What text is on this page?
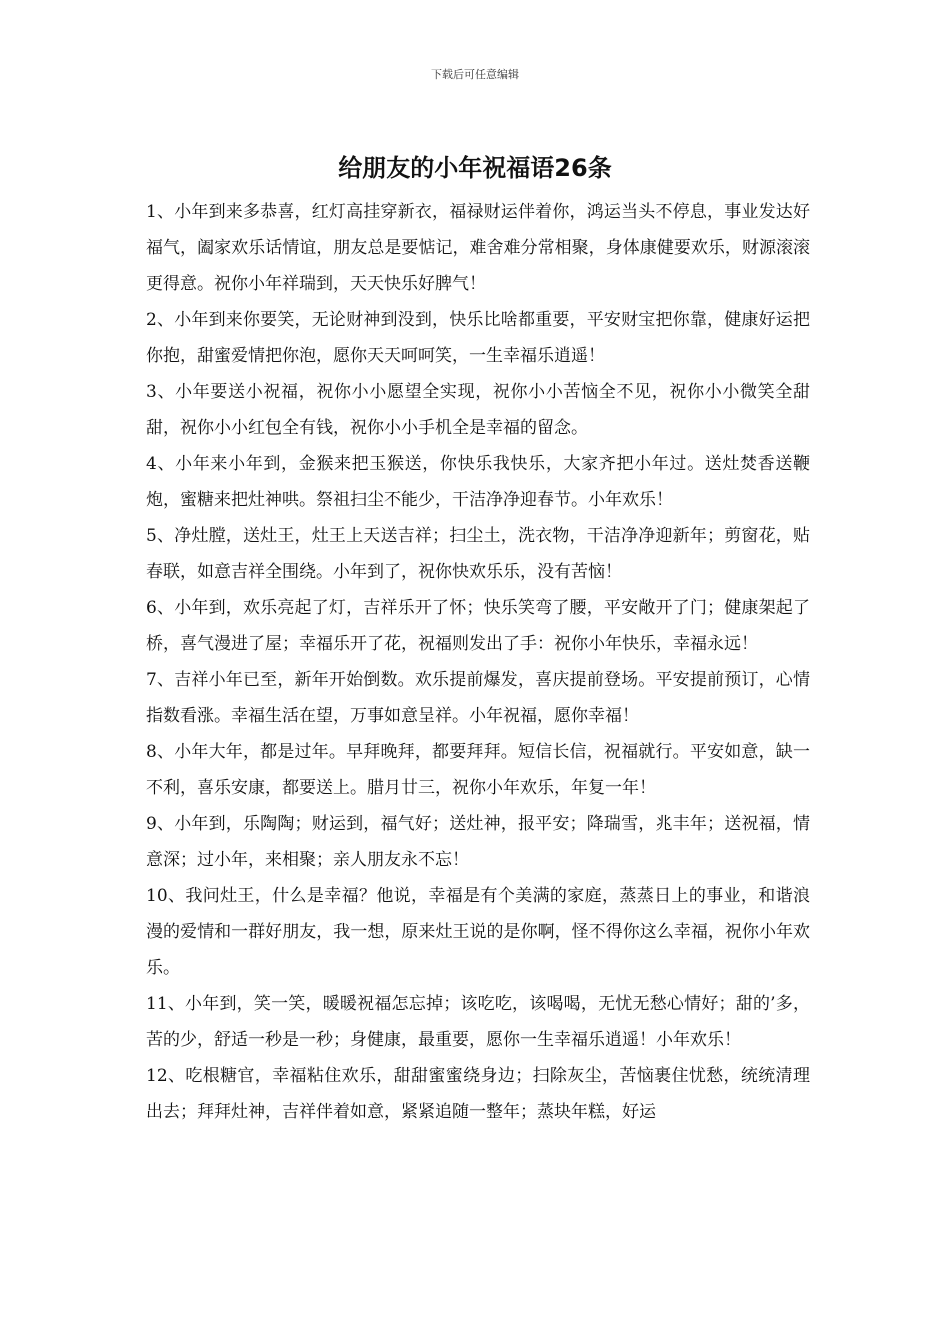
下载后可任意编辑
给朋友的小年祝福语26条

1、小年到来多恭喜，红灯高挂穿新衣，福禄财运伴着你，鸿运当头不停息，事业发达好福气，阖家欢乐话情谊，朋友总是要惦记，难舍难分常相聚，身体康健要欢乐，财源滚滚更得意。祝你小年祥瑞到，天天快乐好脾气！

2、小年到来你要笑，无论财神到没到，快乐比啥都重要，平安财宝把你靠，健康好运把你抱，甜蜜爱情把你泡，愿你天天呵呵笑，一生幸福乐逍遥！

3、小年要送小祝福，祝你小小愿望全实现，祝你小小苦恼全不见，祝你小小微笑全甜甜，祝你小小红包全有钱，祝你小小手机全是幸福的留念。

4、小年来小年到，金猴来把玉猴送，你快乐我快乐，大家齐把小年过。送灶焚香送鞭炮，蜜糖来把灶神哄。祭祖扫尘不能少，干洁净净迎春节。小年欢乐！

5、净灶膛，送灶王，灶王上天送吉祥；扫尘土，洗衣物，干洁净净迎新年；剪窗花，贴春联，如意吉祥全围绕。小年到了，祝你快欢乐乐，没有苦恼！

6、小年到，欢乐亮起了灯，吉祥乐开了怀；快乐笑弯了腰，平安敞开了门；健康架起了桥，喜气漫进了屋；幸福乐开了花，祝福则发出了手：祝你小年快乐，幸福永远！

7、吉祥小年已至，新年开始倒数。欢乐提前爆发，喜庆提前登场。平安提前预订，心情指数看涨。幸福生活在望，万事如意呈祥。小年祝福，愿你幸福！

8、小年大年，都是过年。早拜晚拜，都要拜拜。短信长信，祝福就行。平安如意，缺一不利，喜乐安康，都要送上。腊月廿三，祝你小年欢乐，年复一年！

9、小年到，乐陶陶；财运到，福气好；送灶神，报平安；降瑞雪，兆丰年；送祝福，情意深；过小年，来相聚；亲人朋友永不忘！

10、我问灶王，什么是幸福？他说，幸福是有个美满的家庭，蒸蒸日上的事业，和谐浪漫的爱情和一群好朋友，我一想，原来灶王说的是你啊，怪不得你这么幸福，祝你小年欢乐。

11、小年到，笑一笑，暖暖祝福怎忘掉；该吃吃，该喝喝，无忧无愁心情好；甜的’多，苦的少，舒适一秒是一秒；身健康，最重要，愿你一生幸福乐逍遥！小年欢乐！

12、吃根糖官，幸福粘住欢乐，甜甜蜜蜜绕身边；扫除灰尘，苦恼裹住忧愁，统统清理出去；拜拜灶神，吉祥伴着如意，紧紧追随一整年；蒸块年糕，好运
